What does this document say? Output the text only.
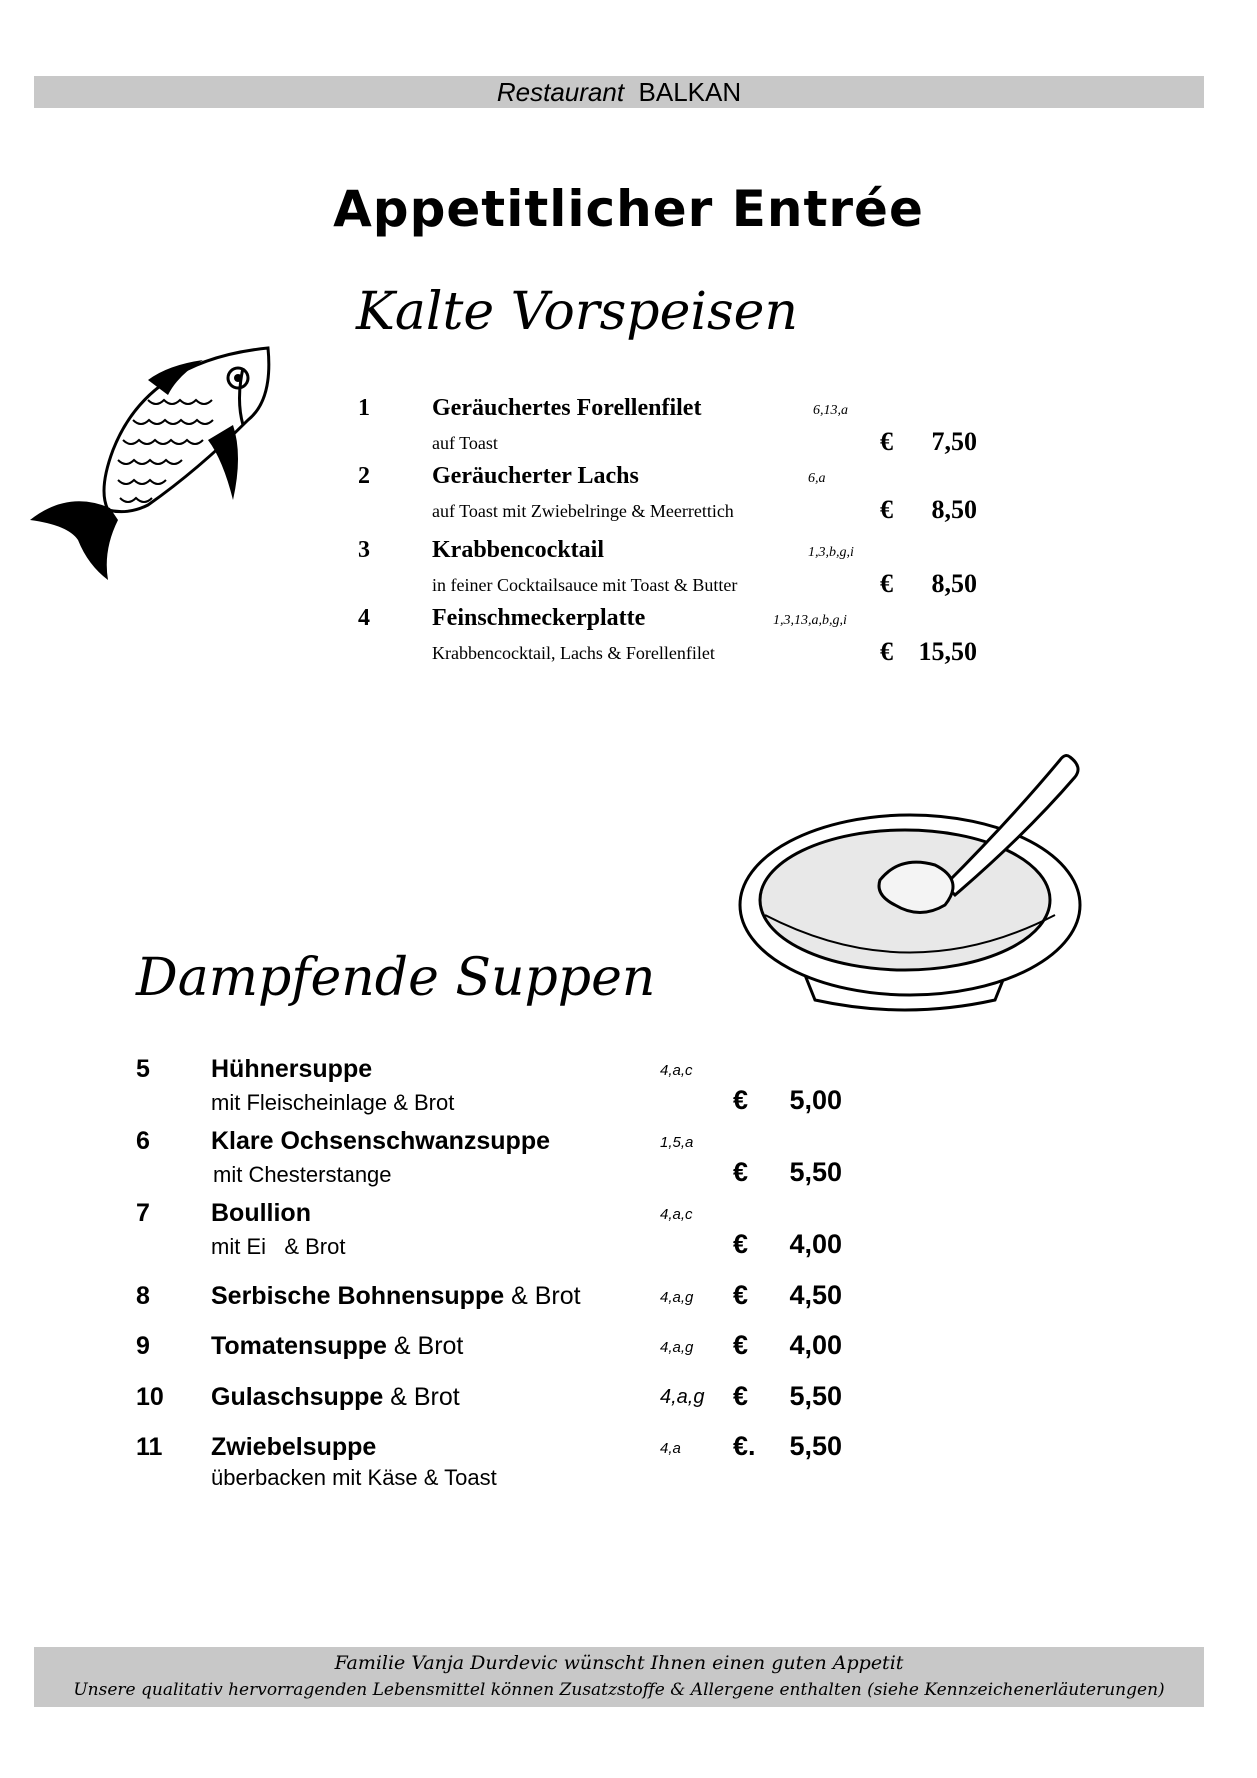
Restaurant BALKAN
Appetitlicher Entrée
Kalte Vorspeisen
1	Geräuchertes Forellenfilet	6,13,a
auf Toast	€	7,50
2	Geräucherter Lachs	6,a
auf Toast mit Zwiebelringe & Meerrettich	€	8,50
3	Krabbencocktail	1,3,b,g,i
in feiner Cocktailsauce mit Toast & Butter	€	8,50
4	Feinschmeckerplatte	1,3,13,a,b,g,i
Krabbencocktail, Lachs & Forellenfilet	€ 15,50
Dampfende Suppen
5 Hühnersuppe	4,a,c
mit Fleischeinlage & Brot	€	5,00
6 Klare Ochsenschwanzsuppe	1,5,a
mit Chesterstange	€	5,50
7 Boullion	4,a,c
mit Ei   & Brot	€	4,00
8 Serbische Bohnensuppe & Brot	4,a,g €	4,50
9 Tomatensuppe & Brot	4,a,g €	4,00
10 Gulaschsuppe & Brot	4,a,g €	5,50
11 Zwiebelsuppe	4,a
überbacken mit Käse & Toast
€.	5,50
Familie Vanja Durdevic wünscht Ihnen einen guten Appetit
Unsere qualitativ hervorragenden Lebensmittel können Zusatzstoffe & Allergene enthalten (siehe Kennzeichenerläuterungen)
